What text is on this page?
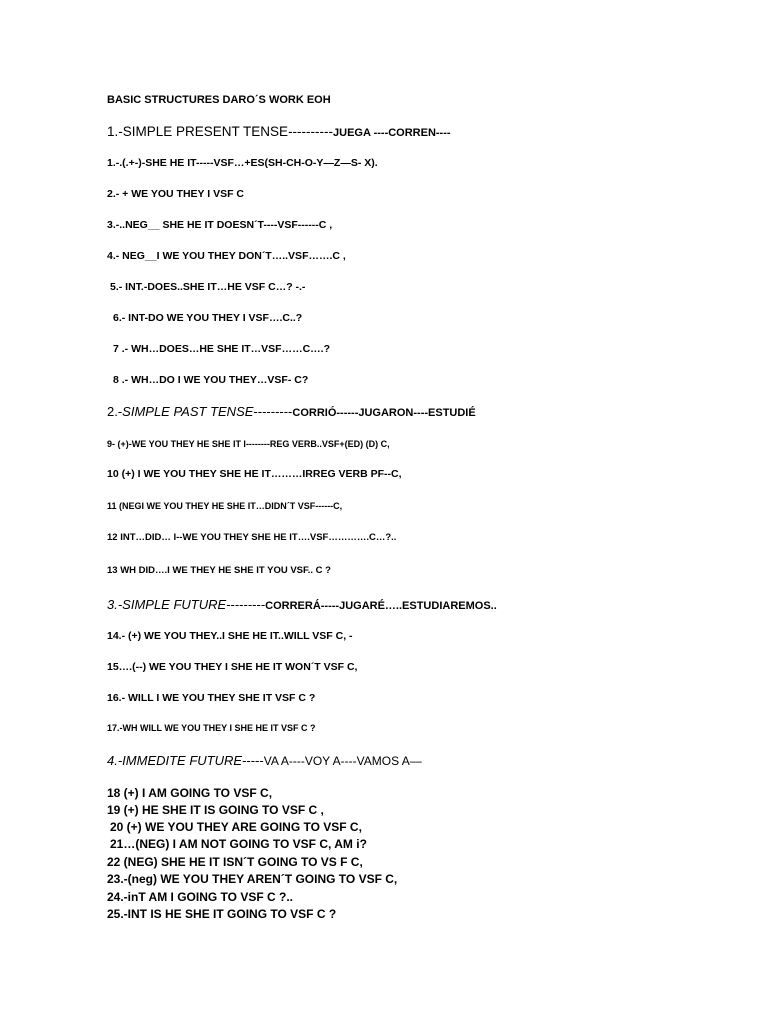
BASIC STRUCTURES DARO´S WORK EOH
1.-SIMPLE PRESENT TENSE----------JUEGA ----CORREN----
1.-.(.+-)-SHE HE IT-----VSF…+ES(SH-CH-O-Y—Z—S- X).
2.- + WE YOU THEY I VSF C
3.-..NEG__ SHE HE IT DOESN´T----VSF------C ,
4.- NEG__I WE YOU THEY DON´T…..VSF…….C ,
5.- INT.-DOES..SHE IT…HE VSF C…? -.-
6.- INT-DO WE YOU THEY I VSF….C..?
7 .- WH…DOES…HE SHE IT…VSF……C….?
8 .- WH…DO I WE YOU THEY…VSF- C?
2.-SIMPLE PAST TENSE---------CORRIÓ------JUGARON----ESTUDIÉ
9- (+)-WE YOU THEY HE SHE IT I--------REG VERB..VSF+(ED) (D) C,
10 (+) I WE YOU THEY SHE HE IT………IRREG VERB PF--C,
11 (NEGI WE YOU THEY HE SHE IT…DIDN´T VSF------C,
12 INT…DID… I--WE YOU THEY SHE HE IT….VSF………….C…?..
13 WH DID….I WE THEY HE SHE IT YOU VSF.. C ?
3.-SIMPLE FUTURE---------CORRERÁ-----JUGARÉ…..ESTUDIAREMOS..
14.- (+) WE YOU THEY..I SHE HE IT..WILL VSF C, -
15….(--) WE YOU THEY I SHE HE IT WON´T VSF C,
16.- WILL I WE YOU THEY SHE IT VSF C ?
17.-WH WILL WE YOU THEY I SHE HE IT VSF C ?
4.-IMMEDITE FUTURE-----VA A----VOY A----VAMOS A—
18 (+) I AM GOING TO VSF C,
19 (+) HE SHE IT IS GOING TO VSF C ,
20 (+) WE YOU THEY ARE GOING TO VSF C,
21…(NEG) I AM NOT GOING TO VSF C, AM i?
22 (NEG) SHE HE IT ISN´T GOING TO VS F C,
23.-(neg) WE YOU THEY AREN´T GOING TO VSF C,
24.-inT AM I GOING TO VSF C ?..
25.-INT IS HE SHE IT GOING TO VSF C ?
